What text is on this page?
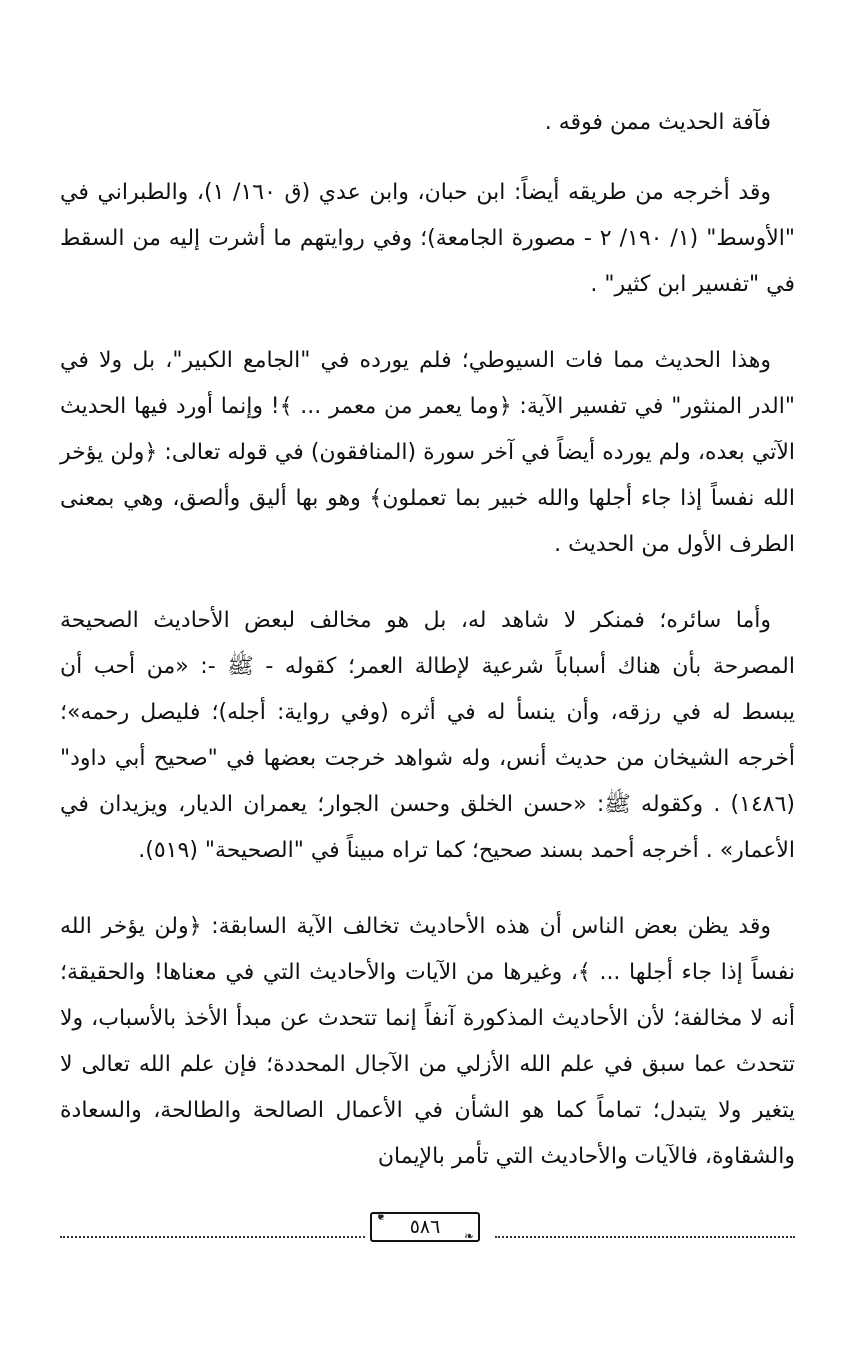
فآفة الحديث ممن فوقه .

وقد أخرجه من طريقه أيضاً: ابن حبان، وابن عدي (ق ١٦٠/ ١)، والطبراني في "الأوسط" (١/ ١٩٠/ ٢ - مصورة الجامعة)؛ وفي روايتهم ما أشرت إليه من السقط في "تفسير ابن كثير" .

وهذا الحديث مما فات السيوطي؛ فلم يورده في "الجامع الكبير"، بل ولا في "الدر المنثور" في تفسير الآية: ﴿وما يعمر من معمر ... ﴾! وإنما أورد فيها الحديث الآتي بعده، ولم يورده أيضاً في آخر سورة (المنافقون) في قوله تعالى: ﴿ولن يؤخر الله نفساً إذا جاء أجلها والله خبير بما تعملون﴾ وهو بها أليق وألصق، وهي بمعنى الطرف الأول من الحديث .

وأما سائره؛ فمنكر لا شاهد له، بل هو مخالف لبعض الأحاديث الصحيحة المصرحة بأن هناك أسباباً شرعية لإطالة العمر؛ كقوله - ﷺ -: «من أحب أن يبسط له في رزقه، وأن ينسأ له في أثره (وفي رواية: أجله)؛ فليصل رحمه»؛ أخرجه الشيخان من حديث أنس، وله شواهد خرجت بعضها في "صحيح أبي داود" (١٤٨٦) . وكقوله ﷺ: «حسن الخلق وحسن الجوار؛ يعمران الديار، ويزيدان في الأعمار» . أخرجه أحمد بسند صحيح؛ كما تراه مبيناً في "الصحيحة" (٥١٩).

وقد يظن بعض الناس أن هذه الأحاديث تخالف الآية السابقة: ﴿ولن يؤخر الله نفساً إذا جاء أجلها ... ﴾، وغيرها من الآيات والأحاديث التي في معناها! والحقيقة؛ أنه لا مخالفة؛ لأن الأحاديث المذكورة آنفاً إنما تتحدث عن مبدأ الأخذ بالأسباب، ولا تتحدث عما سبق في علم الله الأزلي من الآجال المحددة؛ فإن علم الله تعالى لا يتغير ولا يتبدل؛ تماماً كما هو الشأن في الأعمال الصالحة والطالحة، والسعادة والشقاوة، فالآيات والأحاديث التي تأمر بالإيمان

❦ ٥٨٦ ❧
